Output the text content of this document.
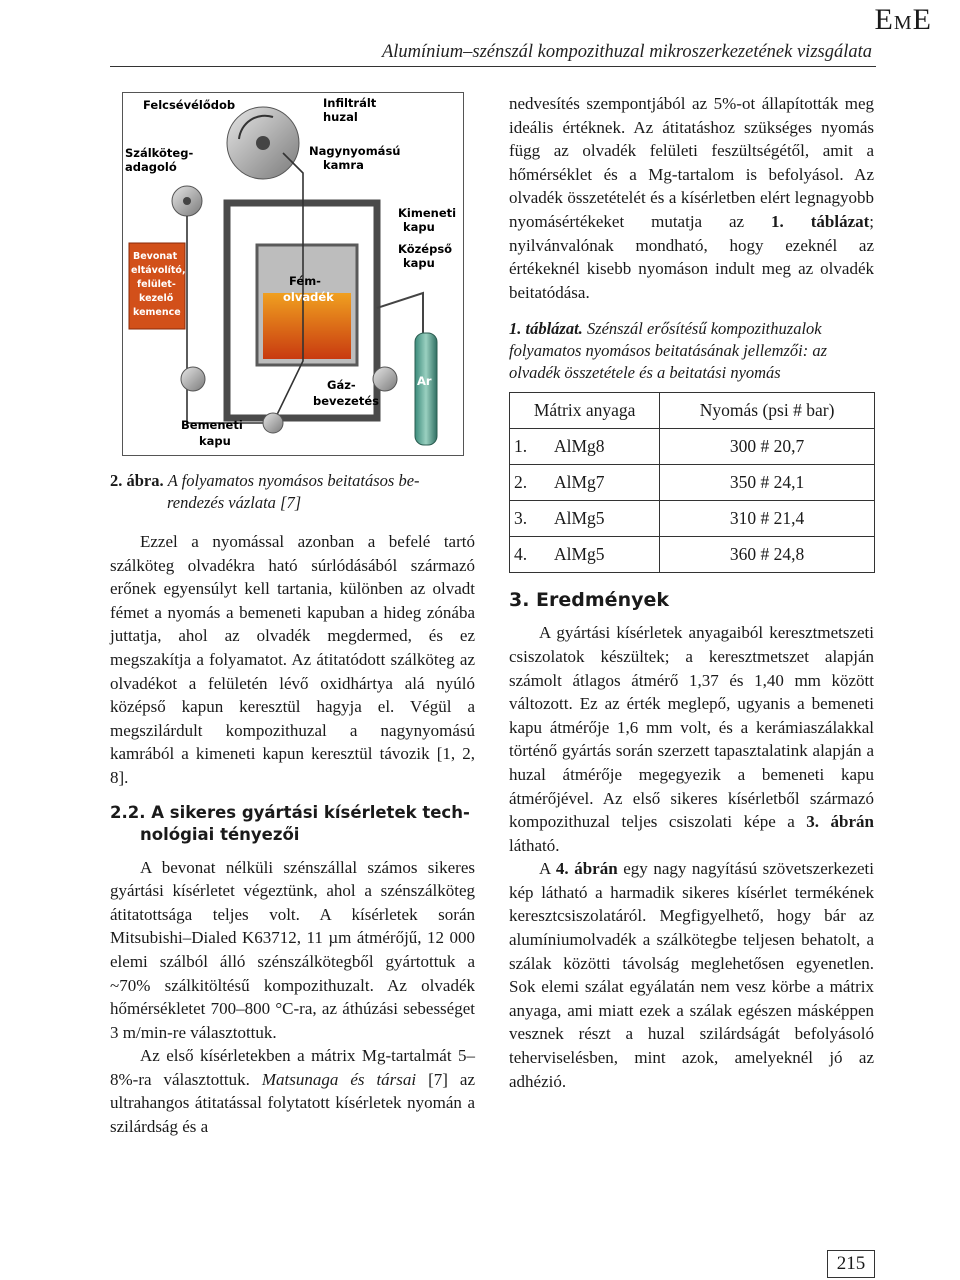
EME
Alumínium–szénszál kompozithuzal mikroszerkezetének vizsgálata
Felcsévélődob	Infiltrált
huzal
Szálköteg-
adagoló
Nagynyomású
kamra
Kimeneti
kapu
Középső
kapu
Bevonat
eltávolító,
felület-
kezelő
kemence
Fém-
olvadék
Gáz-
bevezetés
Ar
Bemeneti
kapu
2. ábra. A folyamatos nyomásos beitatásos be-
rendezés vázlata [7]

Ezzel a nyomással azonban a befelé tartó szálköteg olvadékra ható súrlódásából származó erőnek egyensúlyt kell tartania, különben az olvadt fémet a nyomás a bemeneti kapuban a hideg zónába juttatja, ahol az olvadék megdermed, és ez megszakítja a folyamatot. Az átitatódott szálköteg az olvadékot a felületén lévő oxidhártya alá nyúló középső kapun keresztül hagyja el. Végül a megszilárdult kompozithuzal a nagynyomású kamrából a kimeneti kapun keresztül távozik [1, 2, 8].

2.2. A sikeres gyártási kísérletek tech-
nológiai tényezői

A bevonat nélküli szénszállal számos sikeres gyártási kísérletet végeztünk, ahol a szénszálköteg átitatottsága teljes volt. A kísérletek során Mitsubishi–Dialed K63712, 11 µm átmérőjű, 12 000 elemi szálból álló szénszálkötegből gyártottuk a ~70% szálkitöltésű kompozithuzalt. Az olvadék hőmérsékletet 700–800 °C-ra, az áthúzási sebességet 3 m/min-re választottuk.

Az első kísérletekben a mátrix Mg-tartalmát 5–8%-ra választottuk. Matsunaga és társai [7] az ultrahangos átitatással folytatott kísérletek nyomán a szilárdság és a

nedvesítés szempontjából az 5%-ot állapították meg ideális értéknek. Az átitatáshoz szükséges nyomás függ az olvadék felületi feszültségétől, amit a hőmérséklet és a Mg-tartalom is befolyásol. Az olvadék összetételét és a kísérletben elért legnagyobb nyomásértékeket mutatja az 1. táblázat; nyilvánvalónak mondható, hogy ezeknél az értékeknél kisebb nyomáson indult meg az olvadék beitatódása.

1. táblázat. Szénszál erősítésű kompozithuzalok folyamatos nyomásos beitatásának jellemzői: az olvadék összetétele és a beitatási nyomás
Mátrix anyaga		Nyomás (psi # bar)
1.	AlMg8	300 # 20,7
2.	AlMg7	350 # 24,1
3.	AlMg5	310 # 21,4
4.	AlMg5	360 # 24,8
3. Eredmények

A gyártási kísérletek anyagaiból keresztmetszeti csiszolatok készültek; a keresztmetszet alapján számolt átlagos átmérő 1,37 és 1,40 mm között változott. Ez az érték meglepő, ugyanis a bemeneti kapu átmérője 1,6 mm volt, és a kerámiaszálakkal történő gyártás során szerzett tapasztalatink alapján a huzal átmérője megegyezik a bemeneti kapu átmérőjével. Az első sikeres kísérletből származó kompozithuzal teljes csiszolati képe a 3. ábrán látható.

A 4. ábrán egy nagy nagyítású szövetszerkezeti kép látható a harmadik sikeres kísérlet termékének keresztcsiszolatáról. Megfigyelhető, hogy bár az alumíniumolvadék a szálkötegbe teljesen behatolt, a szálak közötti távolság meglehetősen egyenetlen. Sok elemi szálat egyálatán nem vesz körbe a mátrix anyaga, ami miatt ezek a szálak egészen másképpen vesznek részt a huzal szilárdságát befolyásoló teherviselésben, mint azok, amelyeknél jó az adhézió.

215
